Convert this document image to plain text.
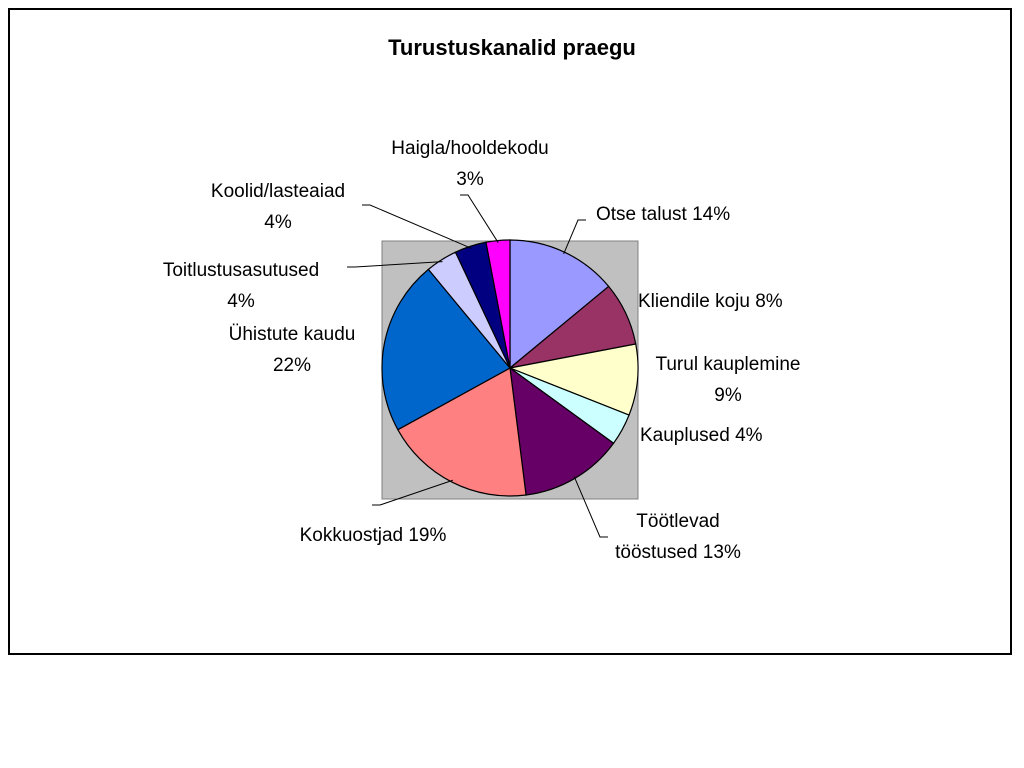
Turustuskanalid praegu
Otse talust 14%
Kliendile koju 8%
Turul kauplemine 9%
Kauplused 4%
Töötlevad tööstused 13%
Kokkuostjad 19%
Ühistute kaudu 22%
Toitlustusasutused 4%
Koolid/lasteaiad 4%
Haigla/hooldekodu 3%
